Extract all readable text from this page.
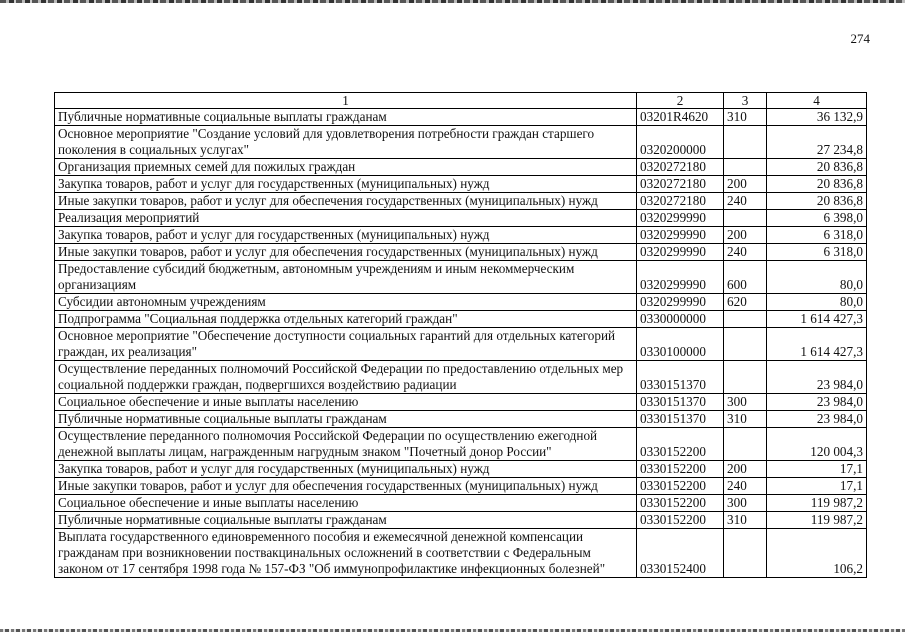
274
1	2	3	4
Публичные нормативные социальные выплаты гражданам	03201R4620	310	36 132,9
Основное мероприятие "Создание условий для удовлетворения потребности граждан старшего поколения в социальных услугах"	0320200000		27 234,8
Организация приемных семей для пожилых граждан	0320272180		20 836,8
Закупка товаров, работ и услуг для государственных (муниципальных) нужд	0320272180	200	20 836,8
Иные закупки товаров, работ и услуг для обеспечения государственных (муниципальных) нужд	0320272180	240	20 836,8
Реализация мероприятий	0320299990		6 398,0
Закупка товаров, работ и услуг для государственных (муниципальных) нужд	0320299990	200	6 318,0
Иные закупки товаров, работ и услуг для обеспечения государственных (муниципальных) нужд	0320299990	240	6 318,0
Предоставление субсидий бюджетным, автономным учреждениям и иным некоммерческим организациям	0320299990	600	80,0
Субсидии автономным учреждениям	0320299990	620	80,0
Подпрограмма "Социальная поддержка отдельных категорий граждан"	0330000000		1 614 427,3
Основное мероприятие "Обеспечение доступности социальных гарантий для отдельных категорий граждан, их реализация"	0330100000		1 614 427,3
Осуществление переданных полномочий Российской Федерации по предоставлению отдельных мер социальной поддержки граждан, подвергшихся воздействию радиации	0330151370		23 984,0
Социальное обеспечение и иные выплаты населению	0330151370	300	23 984,0
Публичные нормативные социальные выплаты гражданам	0330151370	310	23 984,0
Осуществление переданного полномочия Российской Федерации по осуществлению ежегодной денежной выплаты лицам, награжденным нагрудным знаком "Почетный донор России"	0330152200		120 004,3
Закупка товаров, работ и услуг для государственных (муниципальных) нужд	0330152200	200	17,1
Иные закупки товаров, работ и услуг для обеспечения государственных (муниципальных) нужд	0330152200	240	17,1
Социальное обеспечение и иные выплаты населению	0330152200	300	119 987,2
Публичные нормативные социальные выплаты гражданам	0330152200	310	119 987,2
Выплата государственного единовременного пособия и ежемесячной денежной компенсации гражданам при возникновении поствакцинальных осложнений в соответствии с Федеральным законом от 17 сентября 1998 года № 157-ФЗ "Об иммунопрофилактике инфекционных болезней"	0330152400		106,2
